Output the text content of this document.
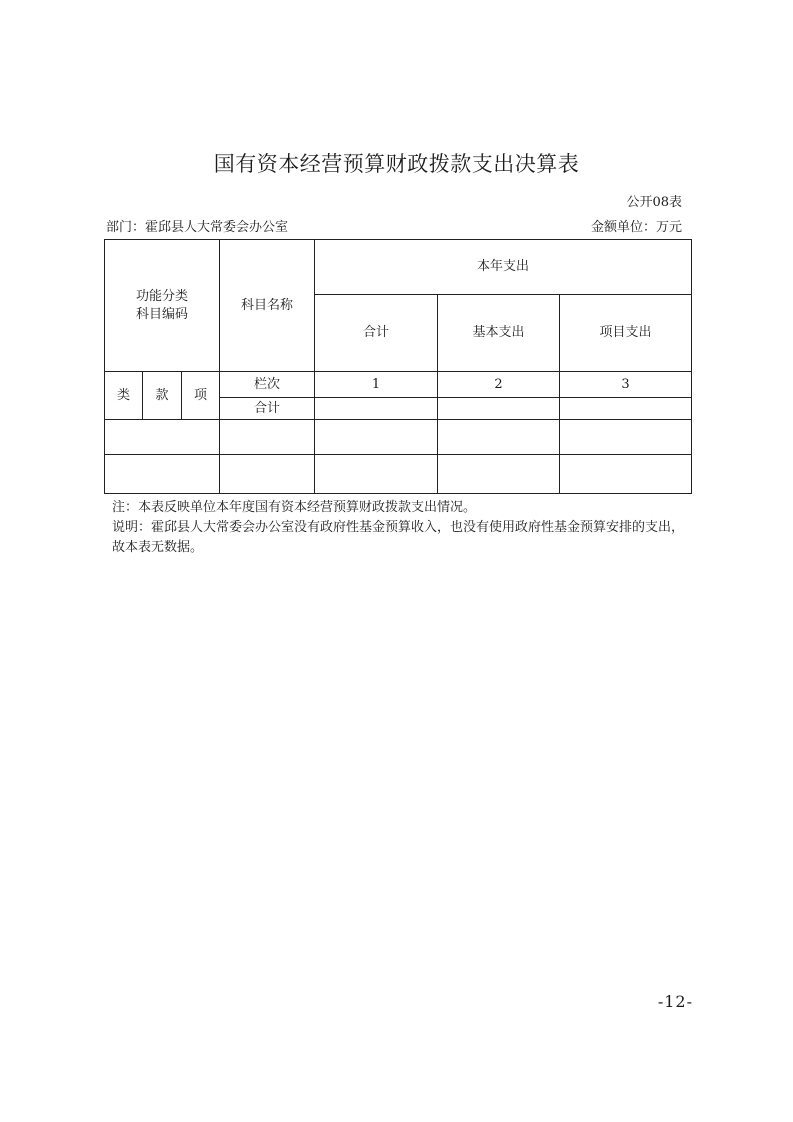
国有资本经营预算财政拨款支出决算表
公开08表
部门：霍邱县人大常委会办公室	金额单位：万元
功能分类
科目编码			科目名称	本年支出		
				合计	基本支出	项目支出
类	款	项	栏次	1	2	3
			合计			

注：本表反映单位本年度国有资本经营预算财政拨款支出情况。

说明：霍邱县人大常委会办公室没有政府性基金预算收入，也没有使用政府性基金预算安排的支出，故本表无数据。

-12-
